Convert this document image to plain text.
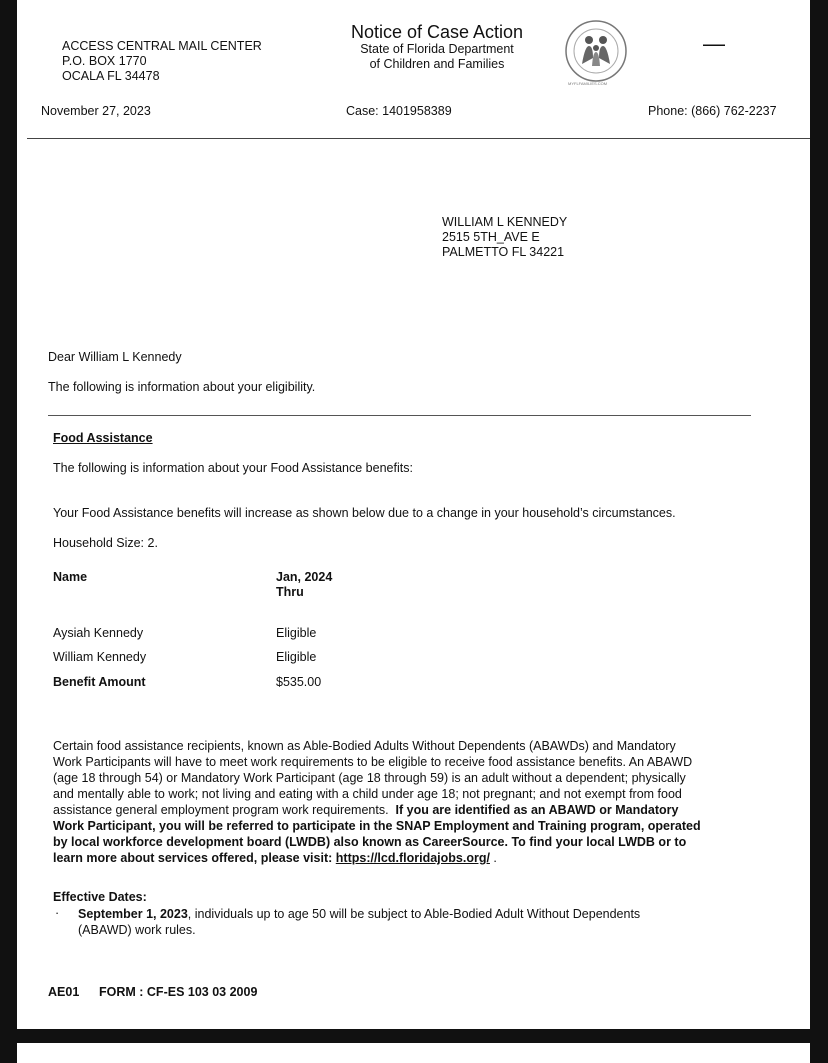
ACCESS CENTRAL MAIL CENTER
P.O. BOX 1770
OCALA FL 34478
Notice of Case Action
State of Florida Department
of Children and Families
MYFLFAMILIES.COM
—
November 27, 2023	Case: 1401958389	Phone: (866) 762-2237
WILLIAM L KENNEDY
2515 5TH_AVE E
PALMETTO FL 34221
Dear William L Kennedy
The following is information about your eligibility.
Food Assistance
The following is information about your Food Assistance benefits:
Your Food Assistance benefits will increase as shown below due to a change in your household’s circumstances.
Household Size: 2.
Name	Jan, 2024
Thru
Aysiah Kennedy	Eligible
William Kennedy	Eligible
Benefit Amount	$535.00
Certain food assistance recipients, known as Able-Bodied Adults Without Dependents (ABAWDs) and Mandatory Work Participants will have to meet work requirements to be eligible to receive food assistance benefits. An ABAWD (age 18 through 54) or Mandatory Work Participant (age 18 through 59) is an adult without a dependent; physically and mentally able to work; not living and eating with a child under age 18; not pregnant; and not exempt from food assistance general employment program work requirements. If you are identified as an ABAWD or Mandatory Work Participant, you will be referred to participate in the SNAP Employment and Training program, operated by local workforce development board (LWDB) also known as CareerSource. To find your local LWDB or to learn more about services offered, please visit: https://lcd.floridajobs.org/ .
Effective Dates:
· September 1, 2023, individuals up to age 50 will be subject to Able-Bodied Adult Without Dependents (ABAWD) work rules.
AE01 FORM : CF-ES 103 03 2009
